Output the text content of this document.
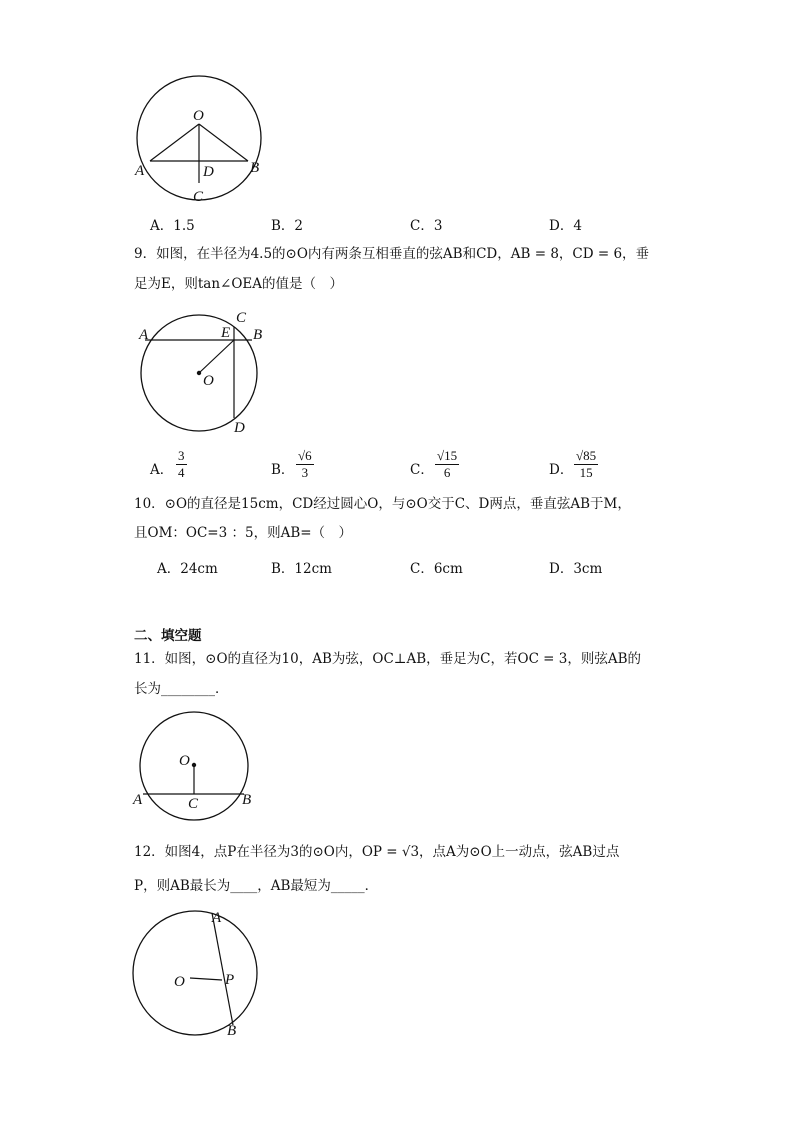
O
A	B
D
C
A．1.5	B．2	C．3	D．4
9．如图，在半径为4.5的⊙O内有两条互相垂直的弦AB和CD，AB = 8，CD = 6，垂
足为E，则tan∠OEA的值是（　）
A	E
C
B
O
D
A． $\frac{3}{4}$	B． $\frac{√6}{3}$	C． $\frac{√15}{6}$	D． $\frac{√85}{15}$
10．⊙O的直径是15cm，CD经过圆心O，与⊙O交于C、D两点，垂直弦AB于M，
且OM：OC=3 ：5，则AB=（　）
A．24cm	B．12cm	C．6cm	D．3cm
二、填空题
11．如图，⊙O的直径为10，AB为弦，OC⊥AB，垂足为C，若OC = 3，则弦AB的
长为________．
O
A	C	B
12．如图4，点P在半径为3的⊙O内，OP = √3，点A为⊙O上一动点，弦AB过点
P，则AB最长为____，AB最短为_____．
A
O	P
B
